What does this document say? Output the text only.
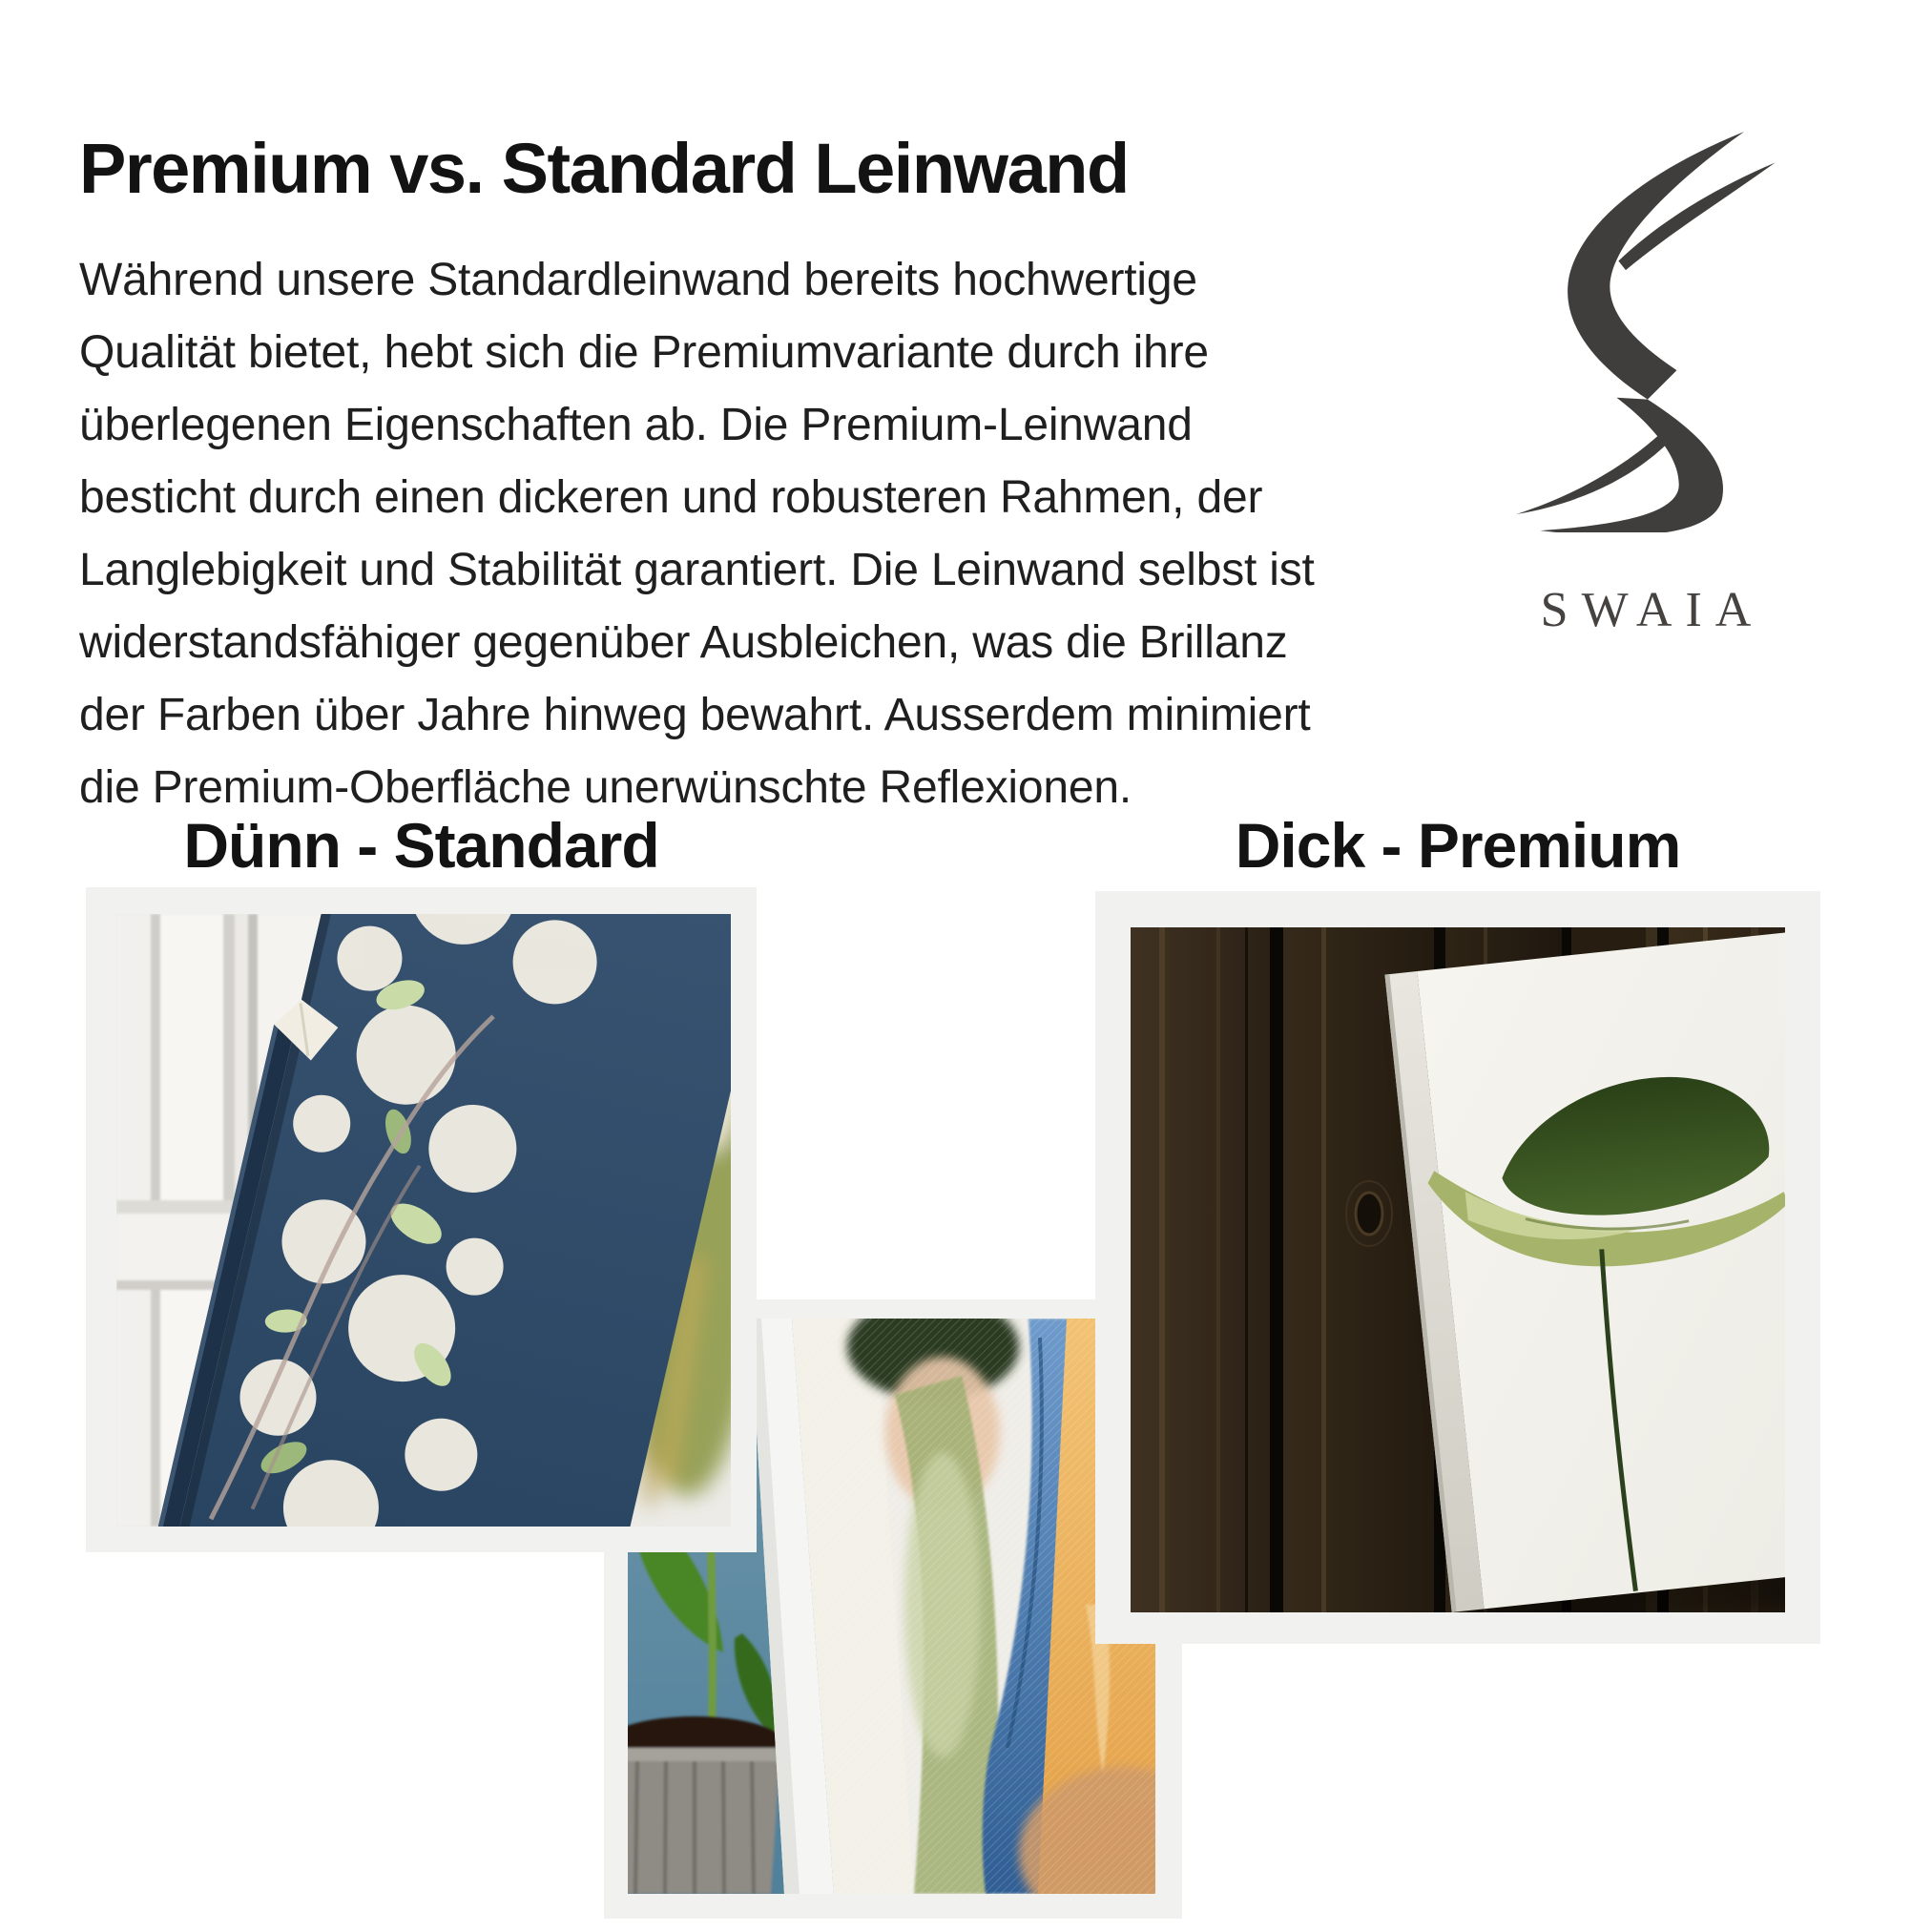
Premium vs. Standard Leinwand

Während unsere Standardleinwand bereits hochwertige Qualität bietet, hebt sich die Premiumvariante durch ihre überlegenen Eigenschaften ab. Die Premium-Leinwand besticht durch einen dickeren und robusteren Rahmen, der Langlebigkeit und Stabilität garantiert. Die Leinwand selbst ist widerstandsfähiger gegenüber Ausbleichen, was die Brillanz der Farben über Jahre hinweg bewahrt. Ausserdem minimiert die Premium-Oberfläche unerwünschte Reflexionen.

SWAIA
Dünn - Standard	Dick - Premium
